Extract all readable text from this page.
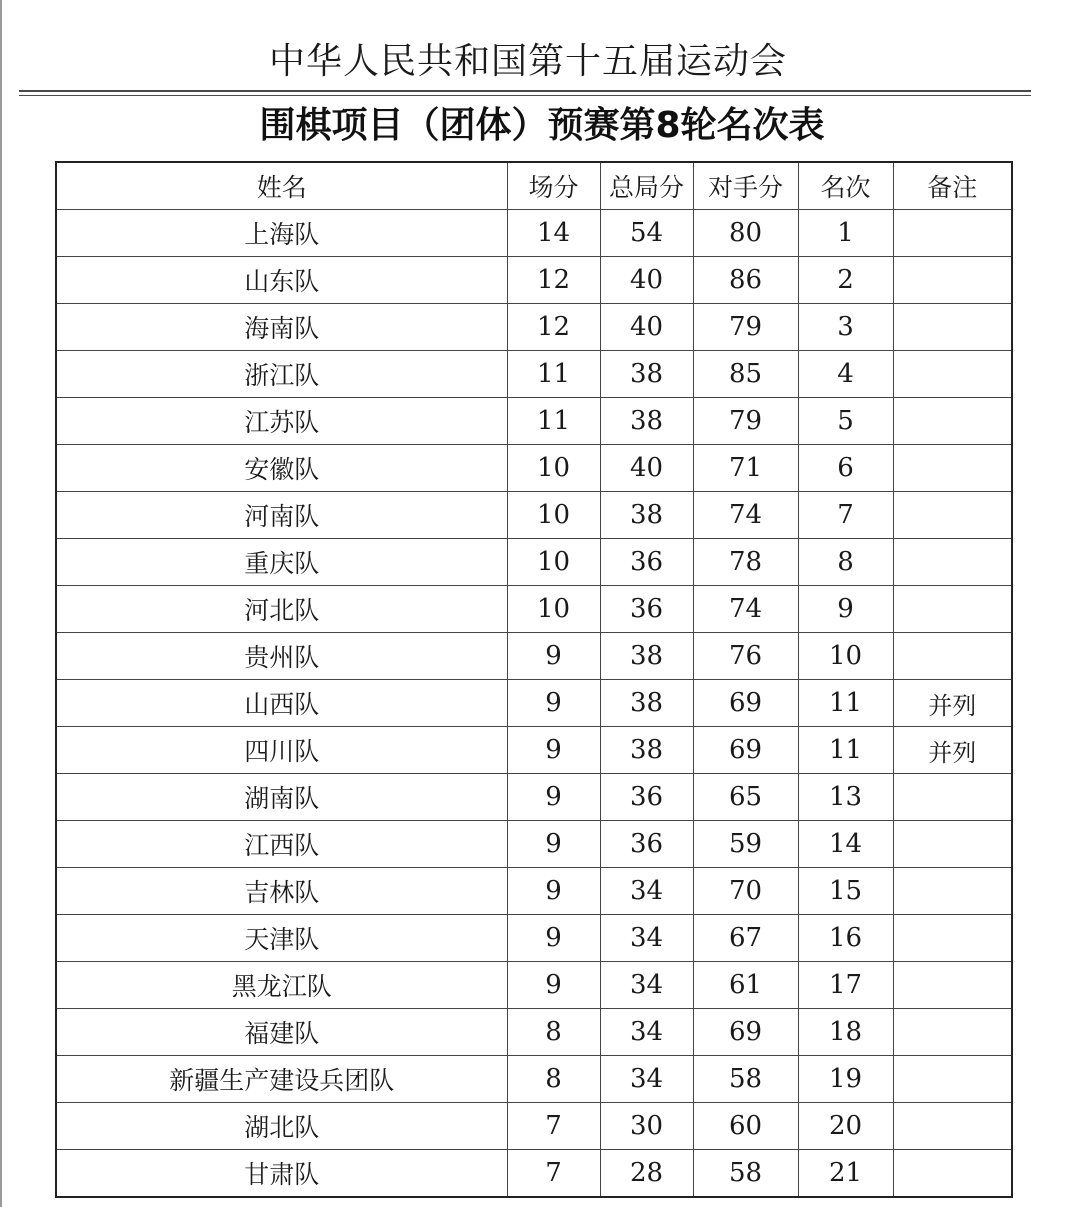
中华人民共和国第十五届运动会
围棋项目（团体）预赛第8轮名次表
姓名	场分	总局分	对手分	名次	备注
上海队	14	54	80	1	
山东队	12	40	86	2	
海南队	12	40	79	3	
浙江队	11	38	85	4	
江苏队	11	38	79	5	
安徽队	10	40	71	6	
河南队	10	38	74	7	
重庆队	10	36	78	8	
河北队	10	36	74	9	
贵州队	9	38	76	10	
山西队	9	38	69	11	并列
四川队	9	38	69	11	并列
湖南队	9	36	65	13	
江西队	9	36	59	14	
吉林队	9	34	70	15	
天津队	9	34	67	16	
黑龙江队	9	34	61	17	
福建队	8	34	69	18	
新疆生产建设兵团队	8	34	58	19	
湖北队	7	30	60	20	
甘肃队	7	28	58	21	
